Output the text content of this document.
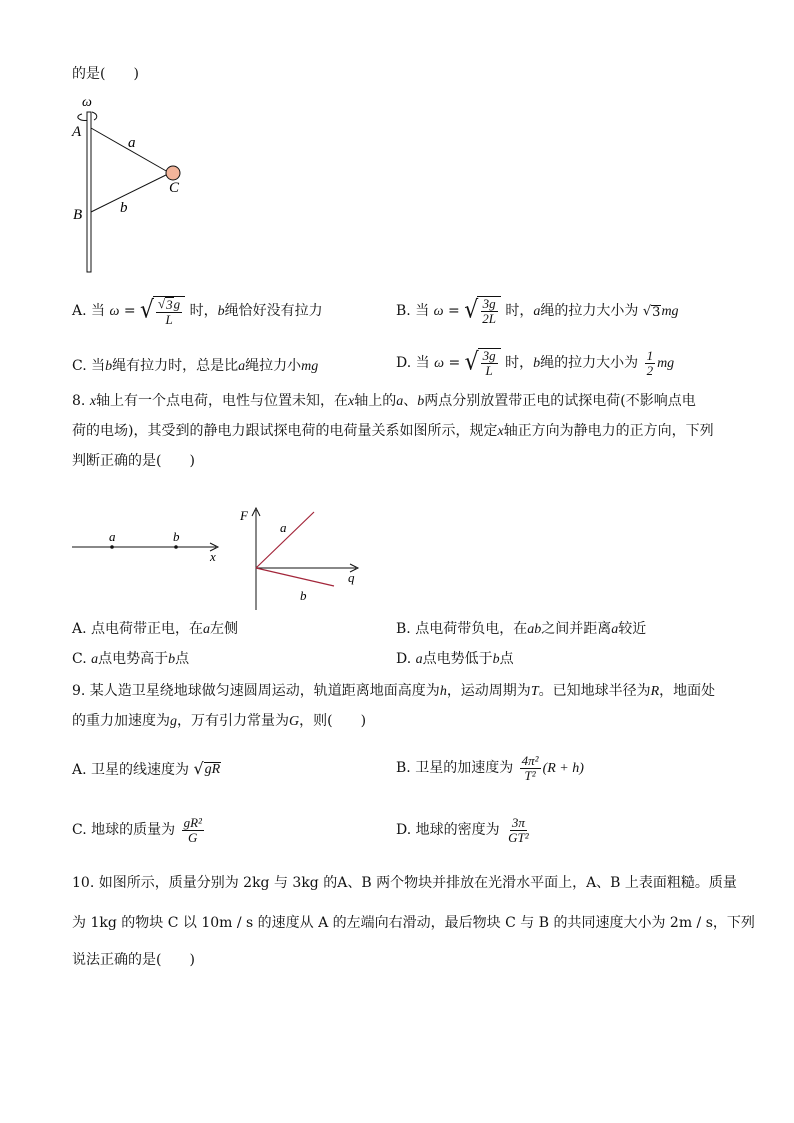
的是(　　)
ω
A
B
a
b
C
A. 当 ω = √ $\frac{√ 3 g}{L}$ 时，b绳恰好没有拉力	B. 当 ω = √ $\frac{3g}{2L}$ 时，a绳的拉力大小为 √ 3 mg
C. 当b绳有拉力时，总是比a绳拉力小mg	D. 当 ω = √ $\frac{3g}{L}$ 时，b绳的拉力大小为 $\frac{1}{2}$ mg
8. x轴上有一个点电荷，电性与位置未知，在x轴上的a、b两点分别放置带正电的试探电荷(不影响点电
荷的电场)，其受到的静电力跟试探电荷的电荷量关系如图所示，规定x轴正方向为静电力的正方向，下列
判断正确的是(　　)
a	b
x
F
q
a
b
A. 点电荷带正电，在a左侧	B. 点电荷带负电，在ab之间并距离a较近
C. a点电势高于b点	D. a点电势低于b点
9. 某人造卫星绕地球做匀速圆周运动，轨道距离地面高度为h，运动周期为T。已知地球半径为R，地面处
的重力加速度为g，万有引力常量为G，则(　　)
A. 卫星的线速度为 √ gR	B. 卫星的加速度为 $\frac{\text{4π²}}{\text{T²}} (R + h)$
C. 地球的质量为 $\frac{\text{gR²}}{G}$	D. 地球的密度为 $\frac{3\pi}{\text{GT²}}$
10. 如图所示，质量分别为 2kg 与 3kg 的A、B 两个物块并排放在光滑水平面上，A、B 上表面粗糙。质量
为 1kg 的物块 C 以 10m / s 的速度从 A 的左端向右滑动，最后物块 C 与 B 的共同速度大小为 2m / s，下列
说法正确的是(　　)
